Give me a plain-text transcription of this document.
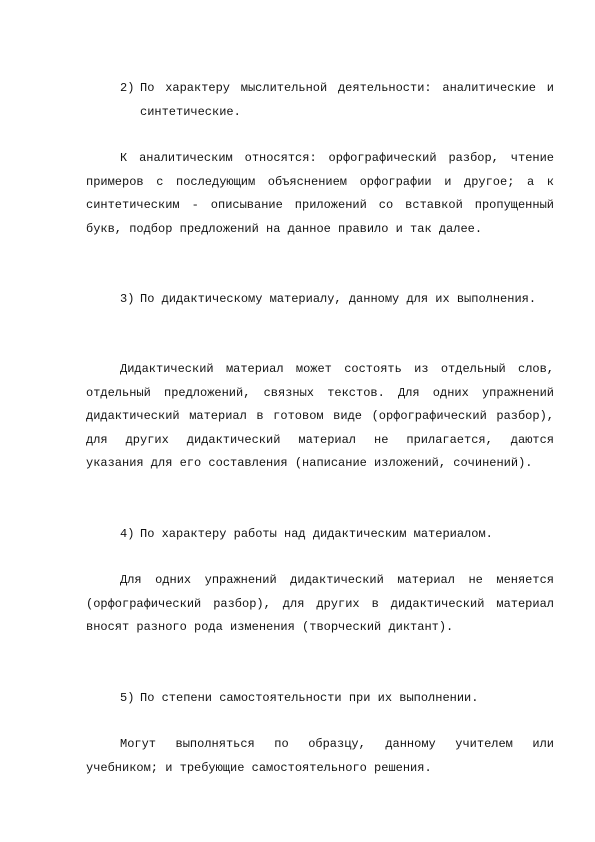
2) По характеру мыслительной деятельности: аналитические и синтетические.

К аналитическим относятся: орфографический разбор, чтение примеров с последующим объяснением орфографии и другое; а к синтетическим - описывание приложений со вставкой пропущенный букв, подбор предложений на данное правило и так далее.

3) По дидактическому материалу, данному для их выполнения.

Дидактический материал может состоять из отдельный слов, отдельный предложений, связных текстов. Для одних упражнений дидактический материал в готовом виде (орфографический разбор), для других дидактический материал не прилагается, даются указания для его составления (написание изложений, сочинений).

4) По характеру работы над дидактическим материалом.

Для одних упражнений дидактический материал не меняется (орфографический разбор), для других в дидактический материал вносят разного рода изменения (творческий диктант).

5) По степени самостоятельности при их выполнении.

Могут выполняться по образцу, данному учителем или учебником; и требующие самостоятельного решения.
